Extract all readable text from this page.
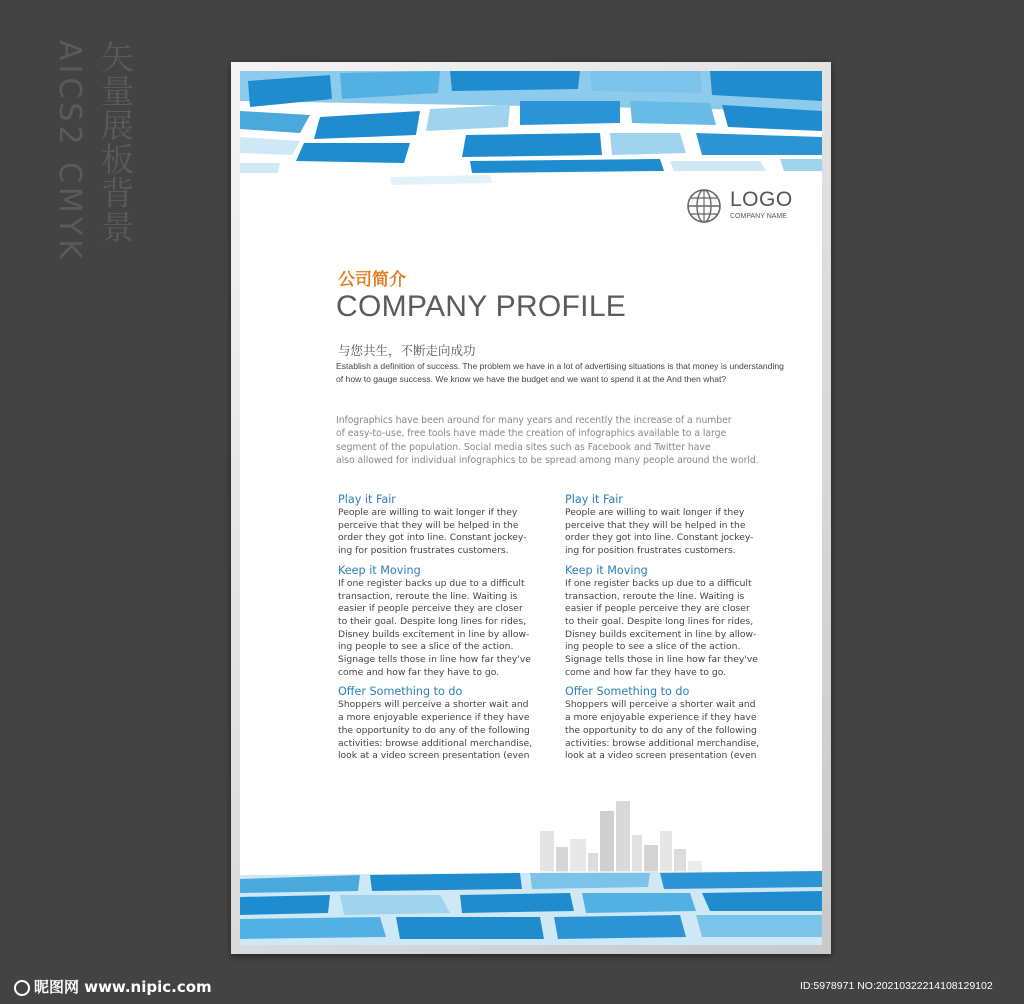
矢量展板背景
AICS2 CMYK	LOGO
COMPANY NAME
公司简介
COMPANY PROFILE
与您共生，不断走向成功
Establish a definition of success. The problem we have in a lot of advertising situations is that money is understanding of how to gauge success. We know we have the budget and we want to spend it at the And then what?
Infographics have been around for many years and recently the increase of a number
of easy-to-use, free tools have made the creation of infographics available to a large
segment of the population. Social media sites such as Facebook and Twitter have
also allowed for individual infographics to be spread among many people around the world.
Play it Fair
People are willing to wait longer if they
perceive that they will be helped in the
order they got into line. Constant jockey-
ing for position frustrates customers.
Keep it Moving
If one register backs up due to a difficult
transaction, reroute the line. Waiting is
easier if people perceive they are closer
to their goal. Despite long lines for rides,
Disney builds excitement in line by allow-
ing people to see a slice of the action.
Signage tells those in line how far they've
come and how far they have to go.
Offer Something to do
Shoppers will perceive a shorter wait and
a more enjoyable experience if they have
the opportunity to do any of the following
activities: browse additional merchandise,
look at a video screen presentation (even
Play it Fair
People are willing to wait longer if they
perceive that they will be helped in the
order they got into line. Constant jockey-
ing for position frustrates customers.
Keep it Moving
If one register backs up due to a difficult
transaction, reroute the line. Waiting is
easier if people perceive they are closer
to their goal. Despite long lines for rides,
Disney builds excitement in line by allow-
ing people to see a slice of the action.
Signage tells those in line how far they've
come and how far they have to go.
Offer Something to do
Shoppers will perceive a shorter wait and
a more enjoyable experience if they have
the opportunity to do any of the following
activities: browse additional merchandise,
look at a video screen presentation (even
昵图网 www.nipic.com	ID:5978971 NO:20210322214108129102
